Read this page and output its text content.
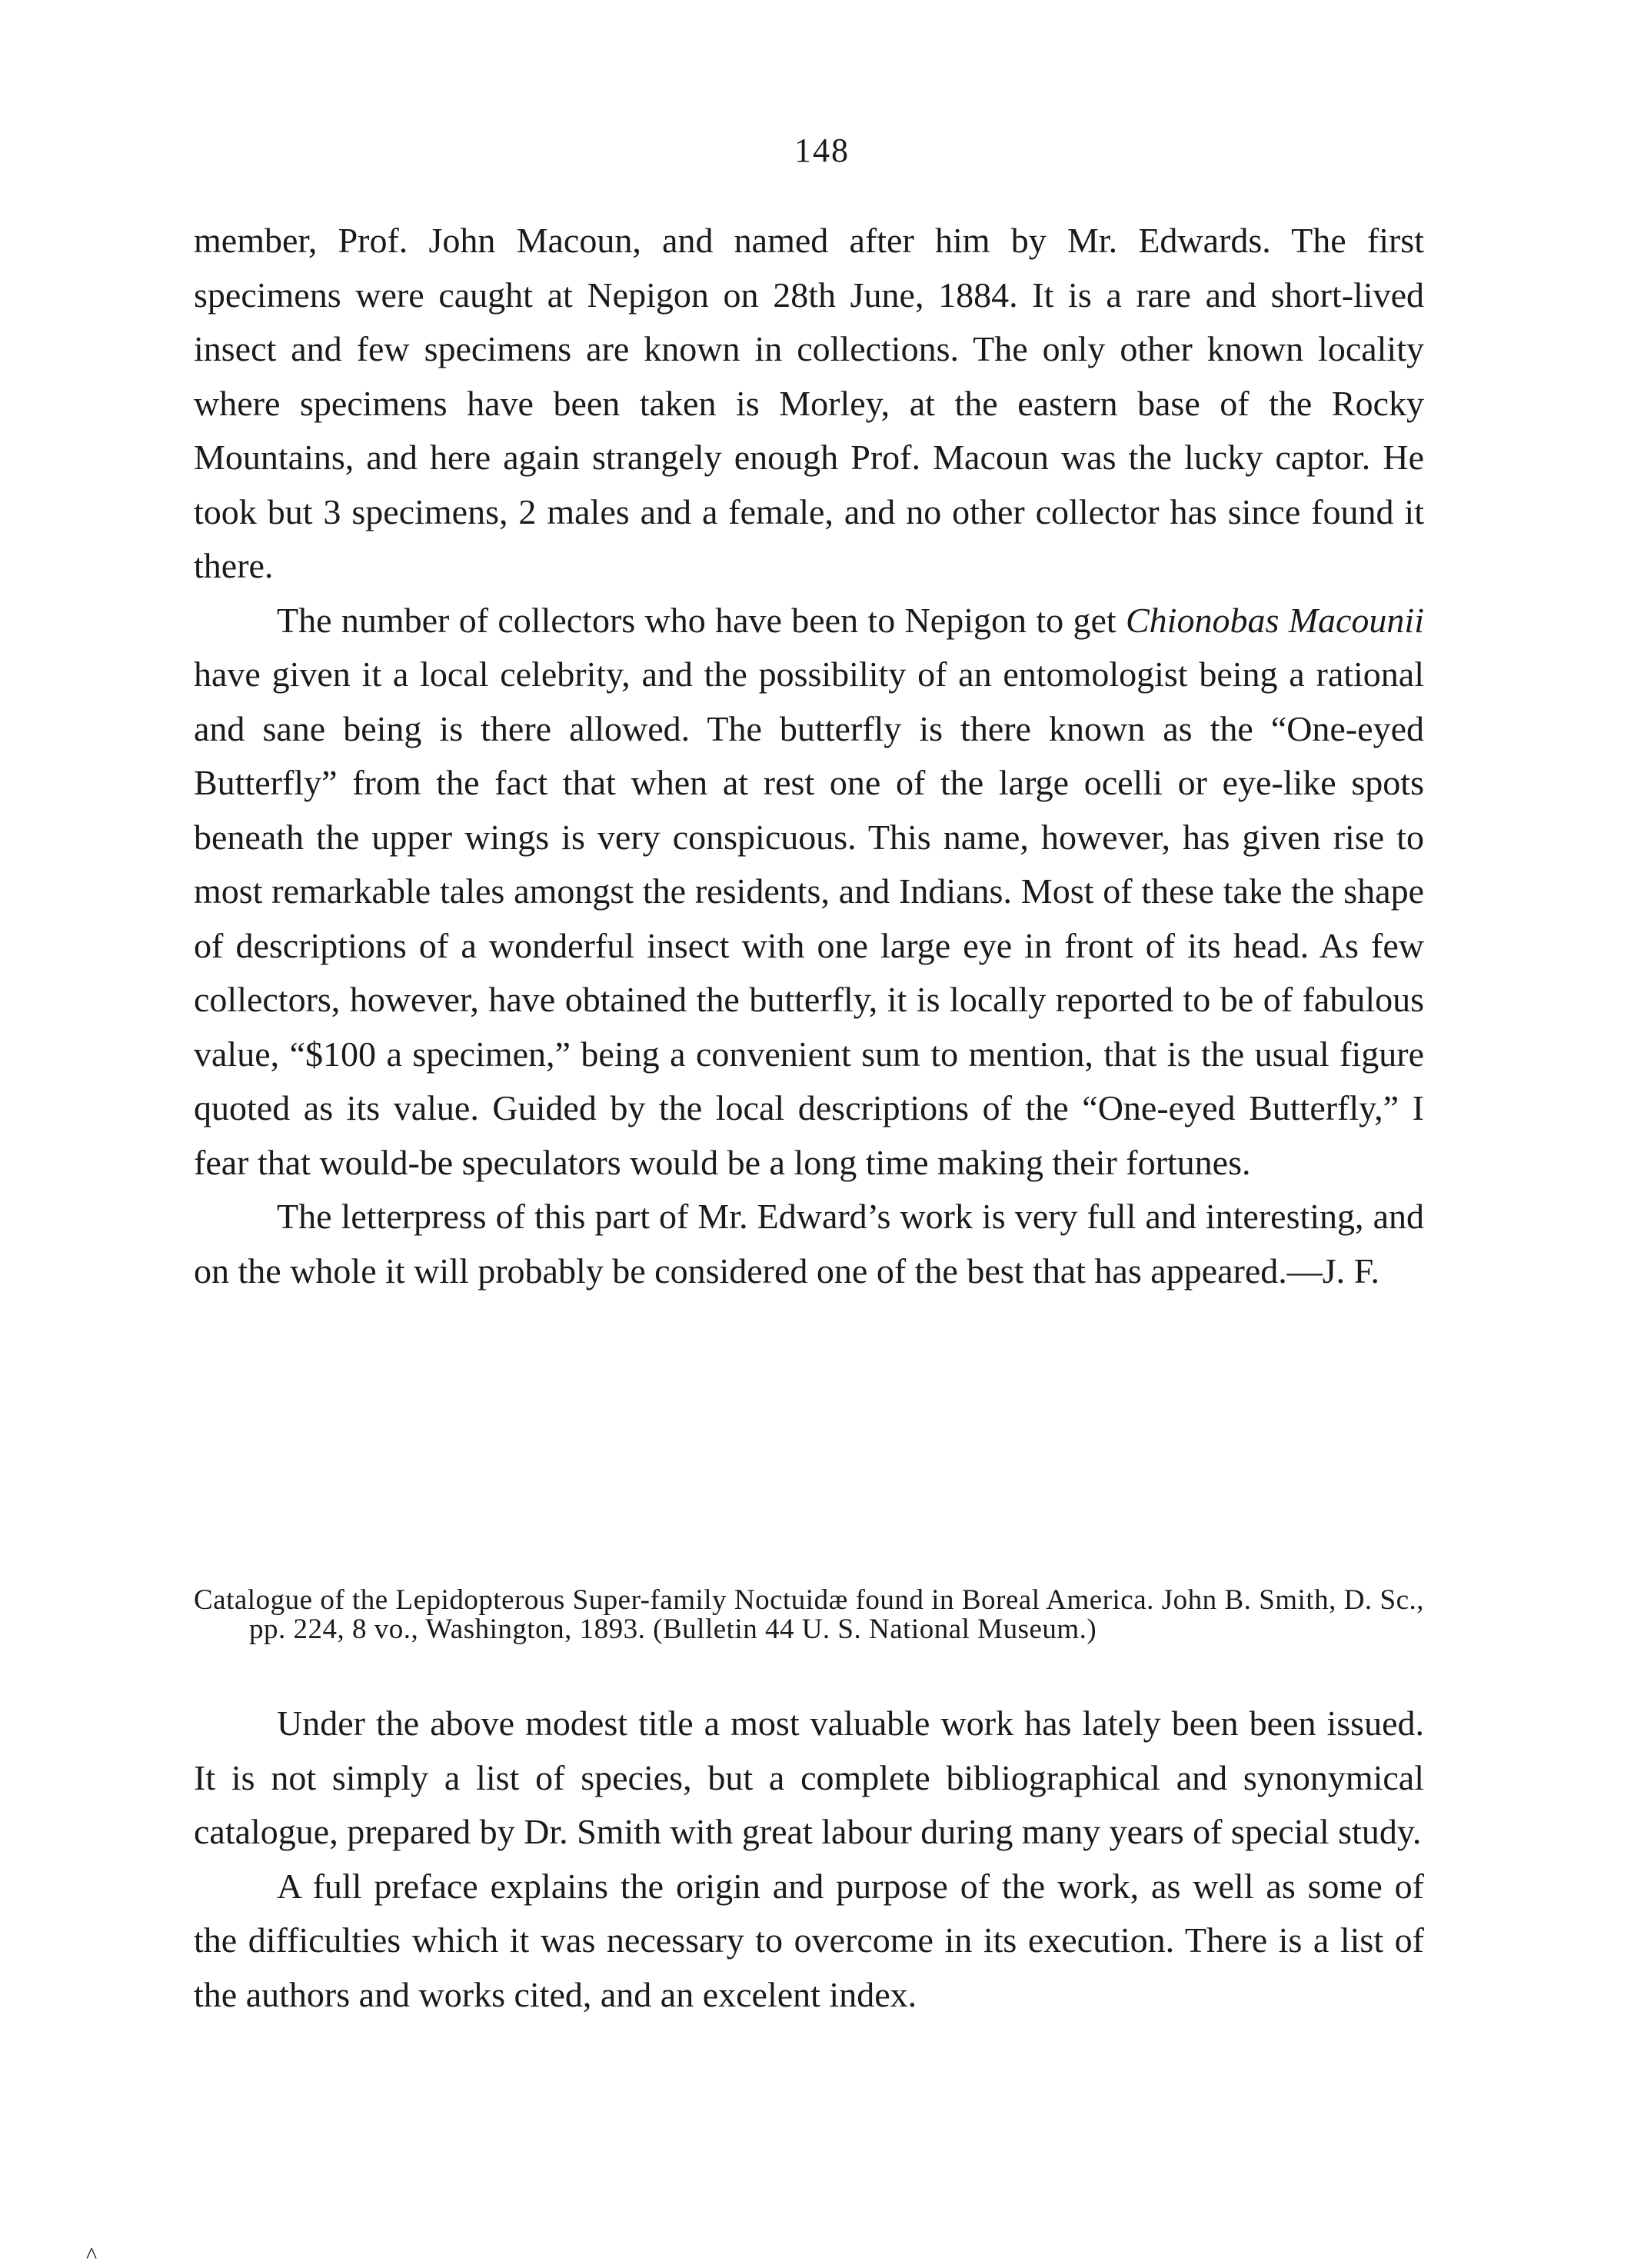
148

member, Prof. John Macoun, and named after him by Mr. Edwards. The first specimens were caught at Nepigon on 28th June, 1884. It is a rare and short-lived insect and few specimens are known in collections. The only other known locality where specimens have been taken is Morley, at the eastern base of the Rocky Mountains, and here again strangely enough Prof. Macoun was the lucky captor. He took but 3 specimens, 2 males and a female, and no other collector has since found it there.

The number of collectors who have been to Nepigon to get Chionobas Macounii have given it a local celebrity, and the possibility of an entomologist being a rational and sane being is there allowed. The butterfly is there known as the “One-eyed Butterfly” from the fact that when at rest one of the large ocelli or eye-like spots beneath the upper wings is very conspicuous. This name, however, has given rise to most remarkable tales amongst the residents, and Indians. Most of these take the shape of descriptions of a wonderful insect with one large eye in front of its head. As few collectors, however, have obtained the butterfly, it is locally reported to be of fabulous value, “$100 a specimen,” being a convenient sum to mention, that is the usual figure quoted as its value. Guided by the local descriptions of the “One-eyed Butterfly,” I fear that would-be speculators would be a long time making their fortunes.

The letterpress of this part of Mr. Edward’s work is very full and interesting, and on the whole it will probably be considered one of the best that has appeared.—J. F.

Catalogue of the Lepidopterous Super-family Noctuidæ found in Boreal America. John B. Smith, D. Sc., pp. 224, 8 vo., Washington, 1893. (Bulletin 44 U. S. National Museum.)

Under the above modest title a most valuable work has lately been been issued. It is not simply a list of species, but a complete bibliographical and synonymical catalogue, prepared by Dr. Smith with great labour during many years of special study.

A full preface explains the origin and purpose of the work, as well as some of the difficulties which it was necessary to overcome in its execution. There is a list of the authors and works cited, and an excelent index.

^
